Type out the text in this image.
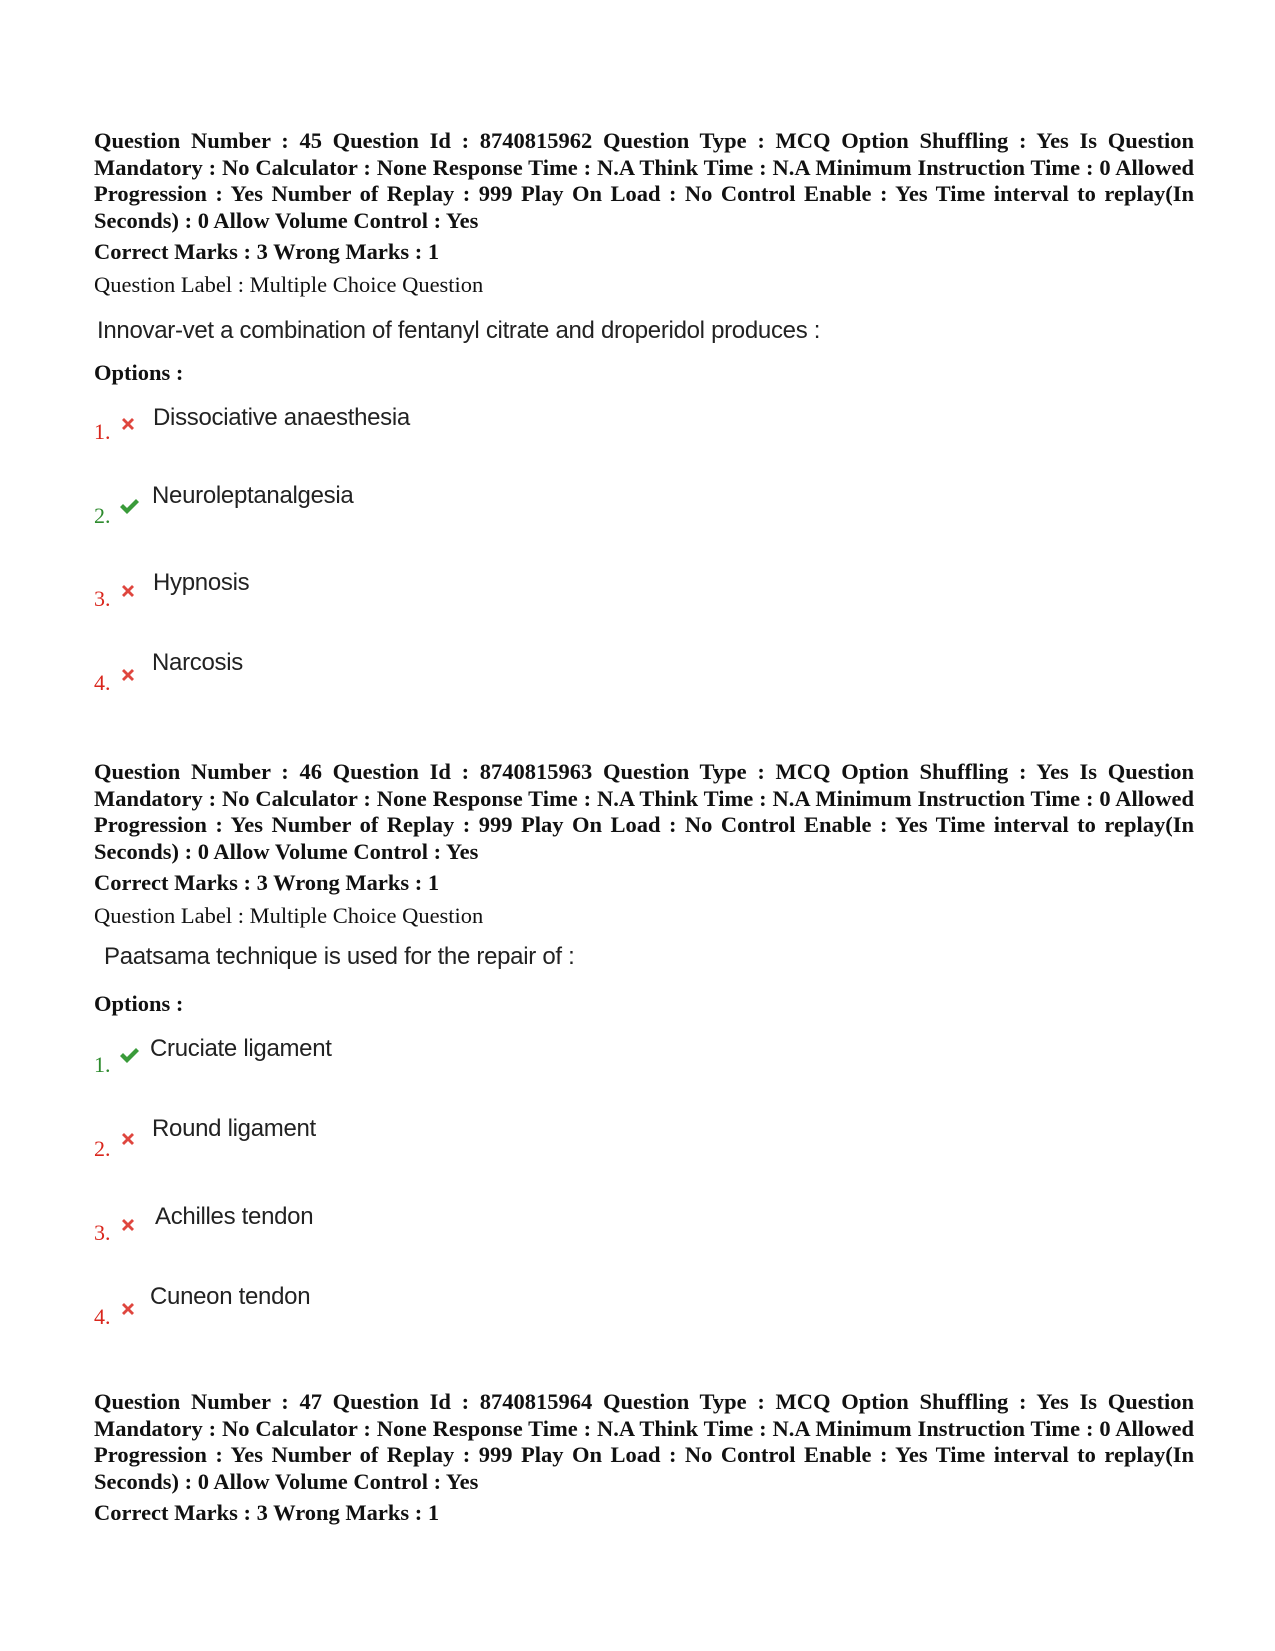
Question Number : 45 Question Id : 8740815962 Question Type : MCQ Option Shuffling : Yes Is Question Mandatory : No Calculator : None Response Time : N.A Think Time : N.A Minimum Instruction Time : 0 Allowed Progression : Yes Number of Replay : 999 Play On Load : No Control Enable : Yes Time interval to replay(In Seconds) : 0 Allow Volume Control : Yes

Correct Marks : 3 Wrong Marks : 1
Question Label : Multiple Choice Question
Innovar-vet a combination of fentanyl citrate and droperidol produces :
Options :
1.
Dissociative anaesthesia
2.
Neuroleptanalgesia
3.
Hypnosis
4.
Narcosis

Question Number : 46 Question Id : 8740815963 Question Type : MCQ Option Shuffling : Yes Is Question Mandatory : No Calculator : None Response Time : N.A Think Time : N.A Minimum Instruction Time : 0 Allowed Progression : Yes Number of Replay : 999 Play On Load : No Control Enable : Yes Time interval to replay(In Seconds) : 0 Allow Volume Control : Yes

Correct Marks : 3 Wrong Marks : 1
Question Label : Multiple Choice Question
Paatsama technique is used for the repair of :
Options :
1.
Cruciate ligament
2.
Round ligament
3.
Achilles tendon
4.
Cuneon tendon

Question Number : 47 Question Id : 8740815964 Question Type : MCQ Option Shuffling : Yes Is Question Mandatory : No Calculator : None Response Time : N.A Think Time : N.A Minimum Instruction Time : 0 Allowed Progression : Yes Number of Replay : 999 Play On Load : No Control Enable : Yes Time interval to replay(In Seconds) : 0 Allow Volume Control : Yes

Correct Marks : 3 Wrong Marks : 1
